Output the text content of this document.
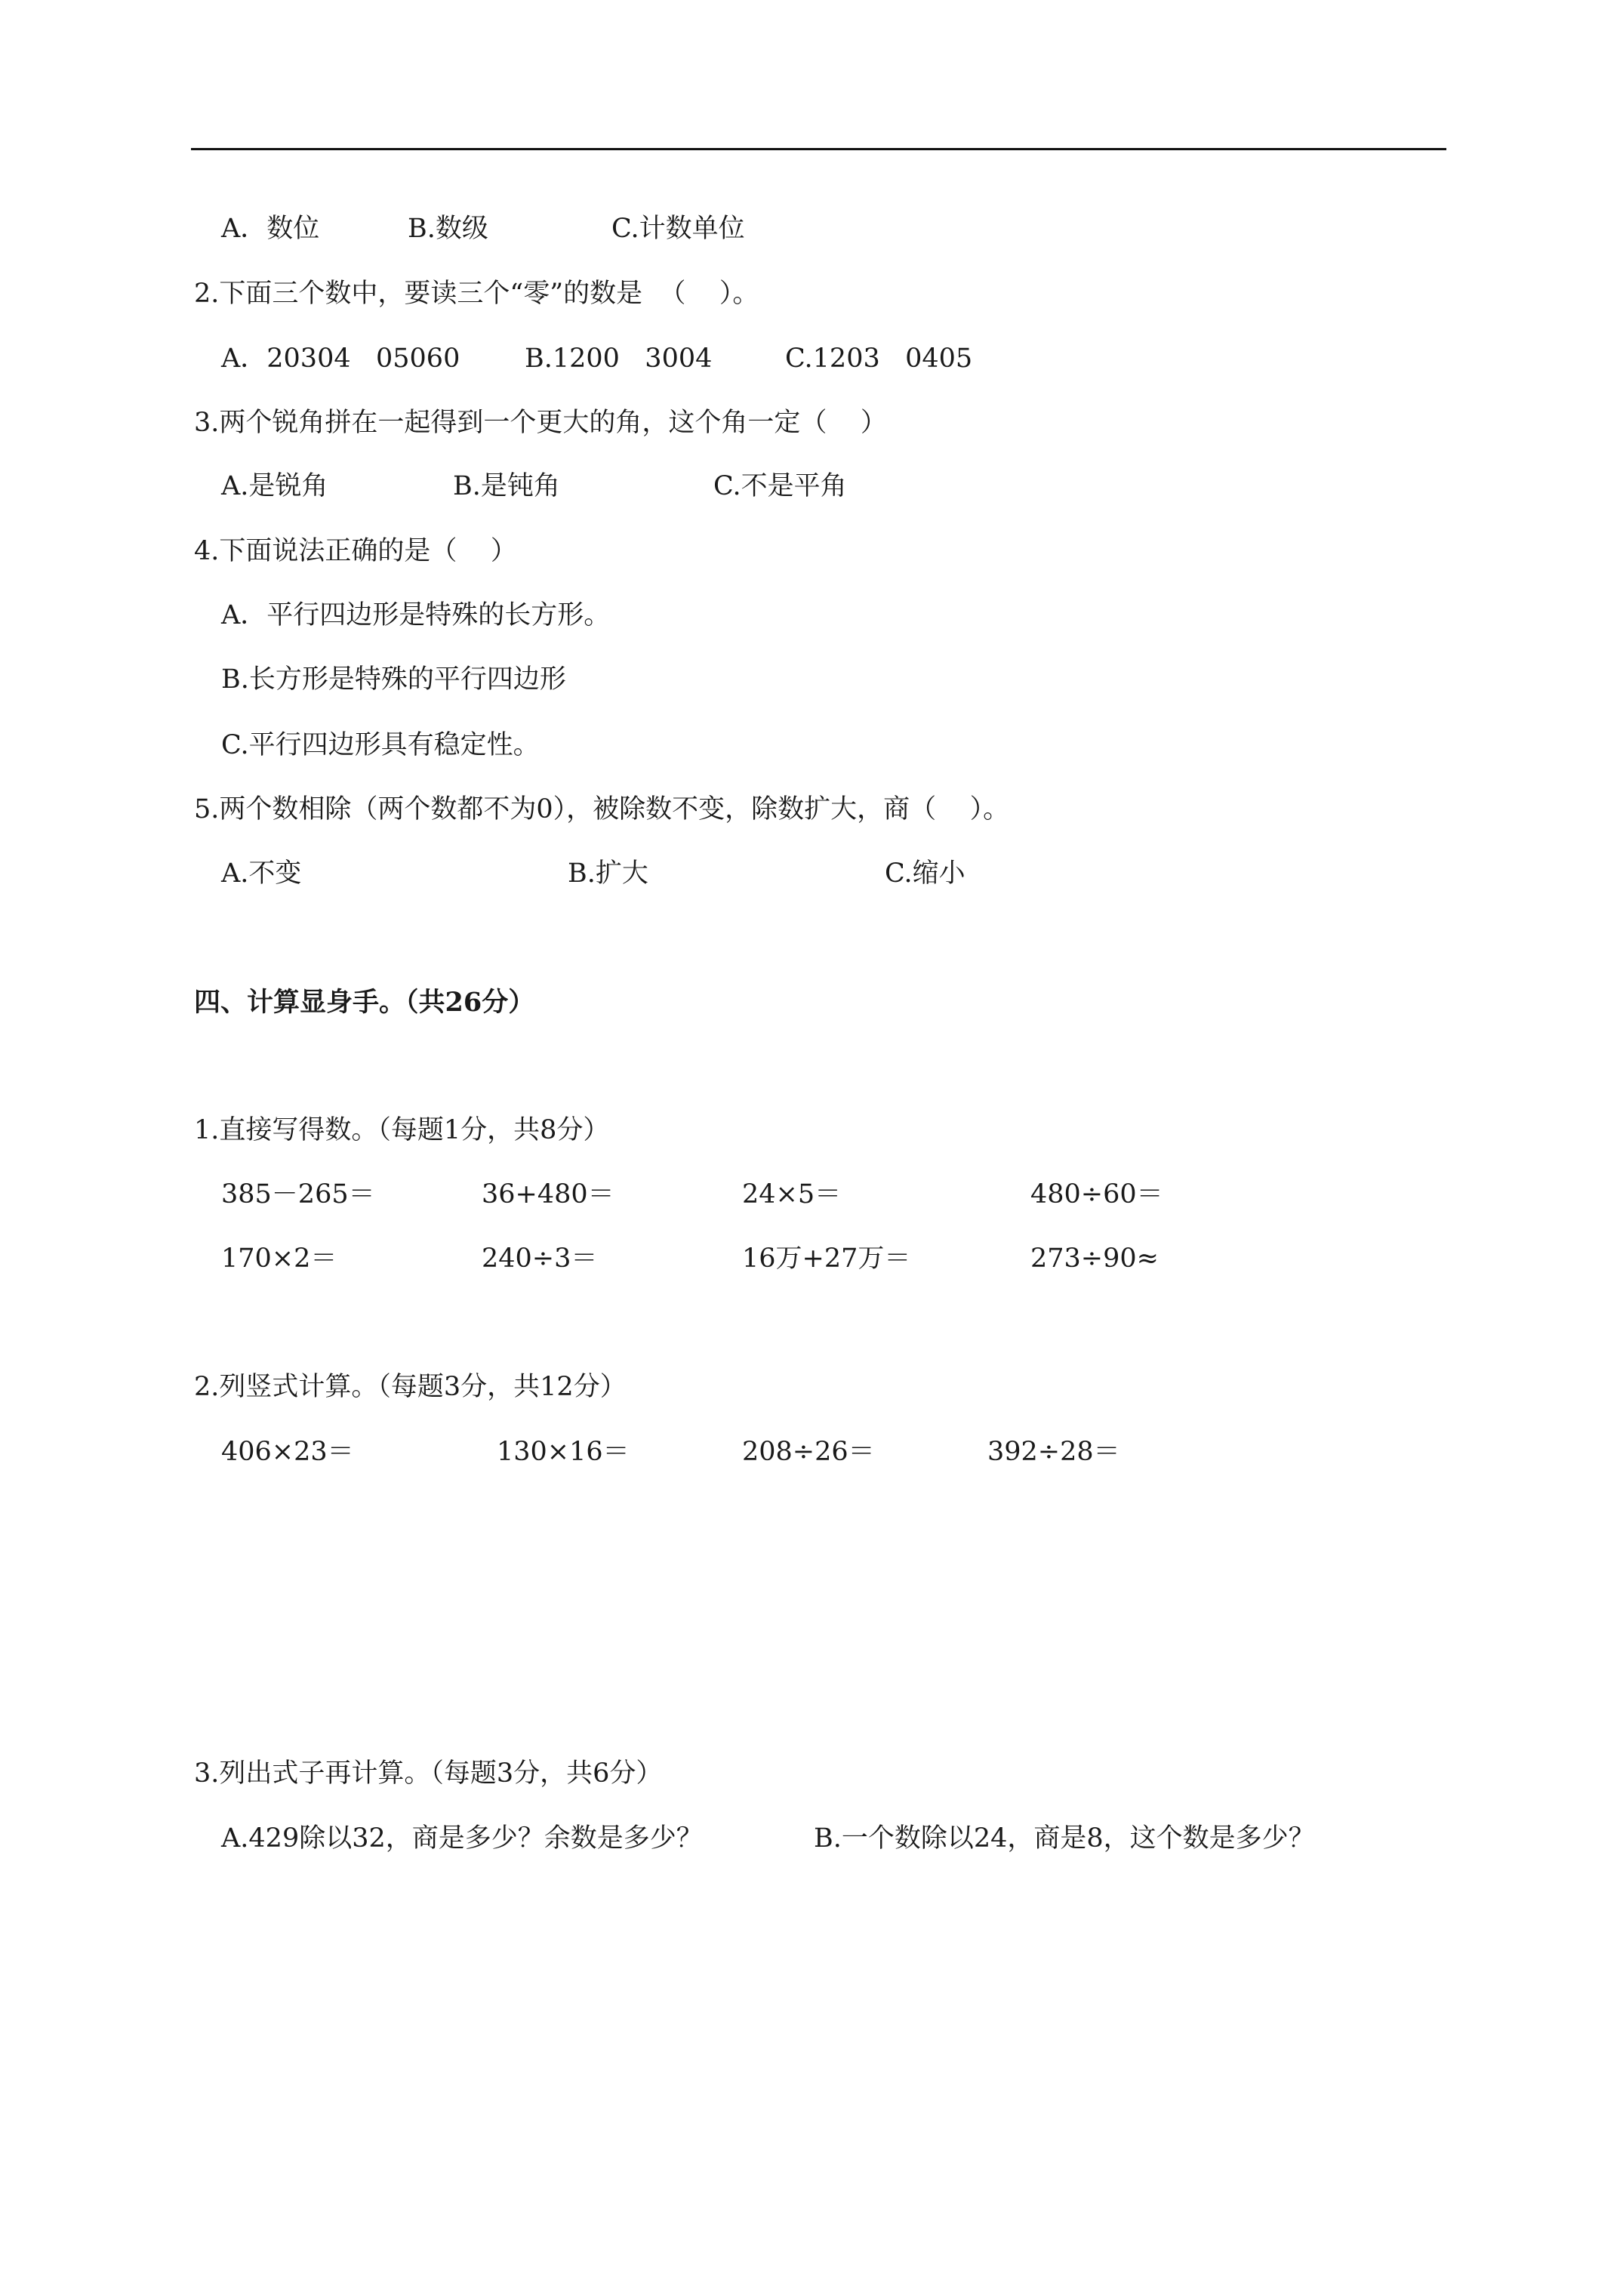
A．数位	B.数级	C.计数单位
2.下面三个数中，要读三个“零”的数是  （    ）。
A．20304   05060 B.1200   3004	C.1203   0405
3.两个锐角拼在一起得到一个更大的角，这个角一定（    ）
A.是锐角	B.是钝角	C.不是平角
4.下面说法正确的是（    ）
A．平行四边形是特殊的长方形。
B.长方形是特殊的平行四边形
C.平行四边形具有稳定性。
5.两个数相除（两个数都不为0），被除数不变，除数扩大，商（    ）。
A.不变	B.扩大	C.缩小
四、计算显身手。（共26分）
1.直接写得数。（每题1分，共8分）
385－265＝	36+480＝	24×5＝	480÷60＝
170×2＝	240÷3＝	16万+27万＝	273÷90≈
2.列竖式计算。（每题3分，共12分）
406×23＝	130×16＝	208÷26＝	392÷28＝
3.列出式子再计算。（每题3分，共6分）
A.429除以32，商是多少？余数是多少？	B.一个数除以24，商是8，这个数是多少？
